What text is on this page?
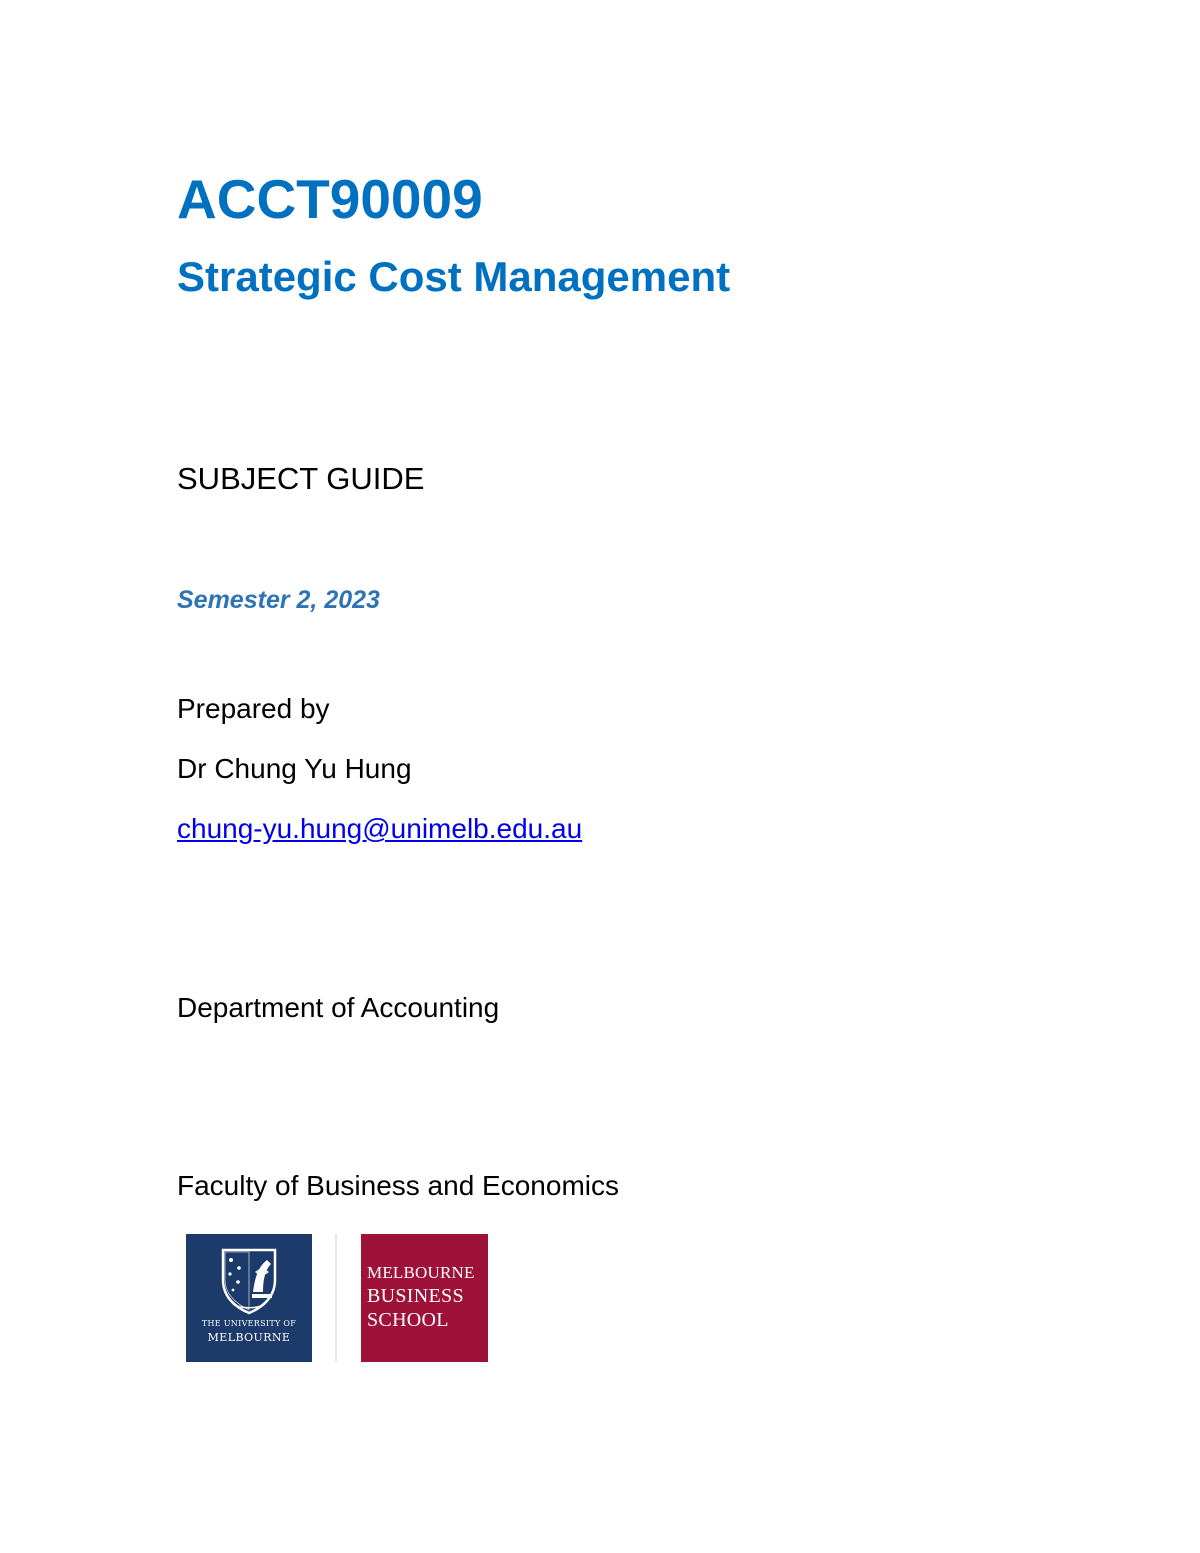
ACCT90009
Strategic Cost Management
SUBJECT GUIDE
Semester 2, 2023
Prepared by
Dr Chung Yu Hung
chung-yu.hung@unimelb.edu.au
Department of Accounting
Faculty of Business and Economics
THE UNIVERSITY OF
MELBOURNE
MELBOURNE
BUSINESS
SCHOOL
